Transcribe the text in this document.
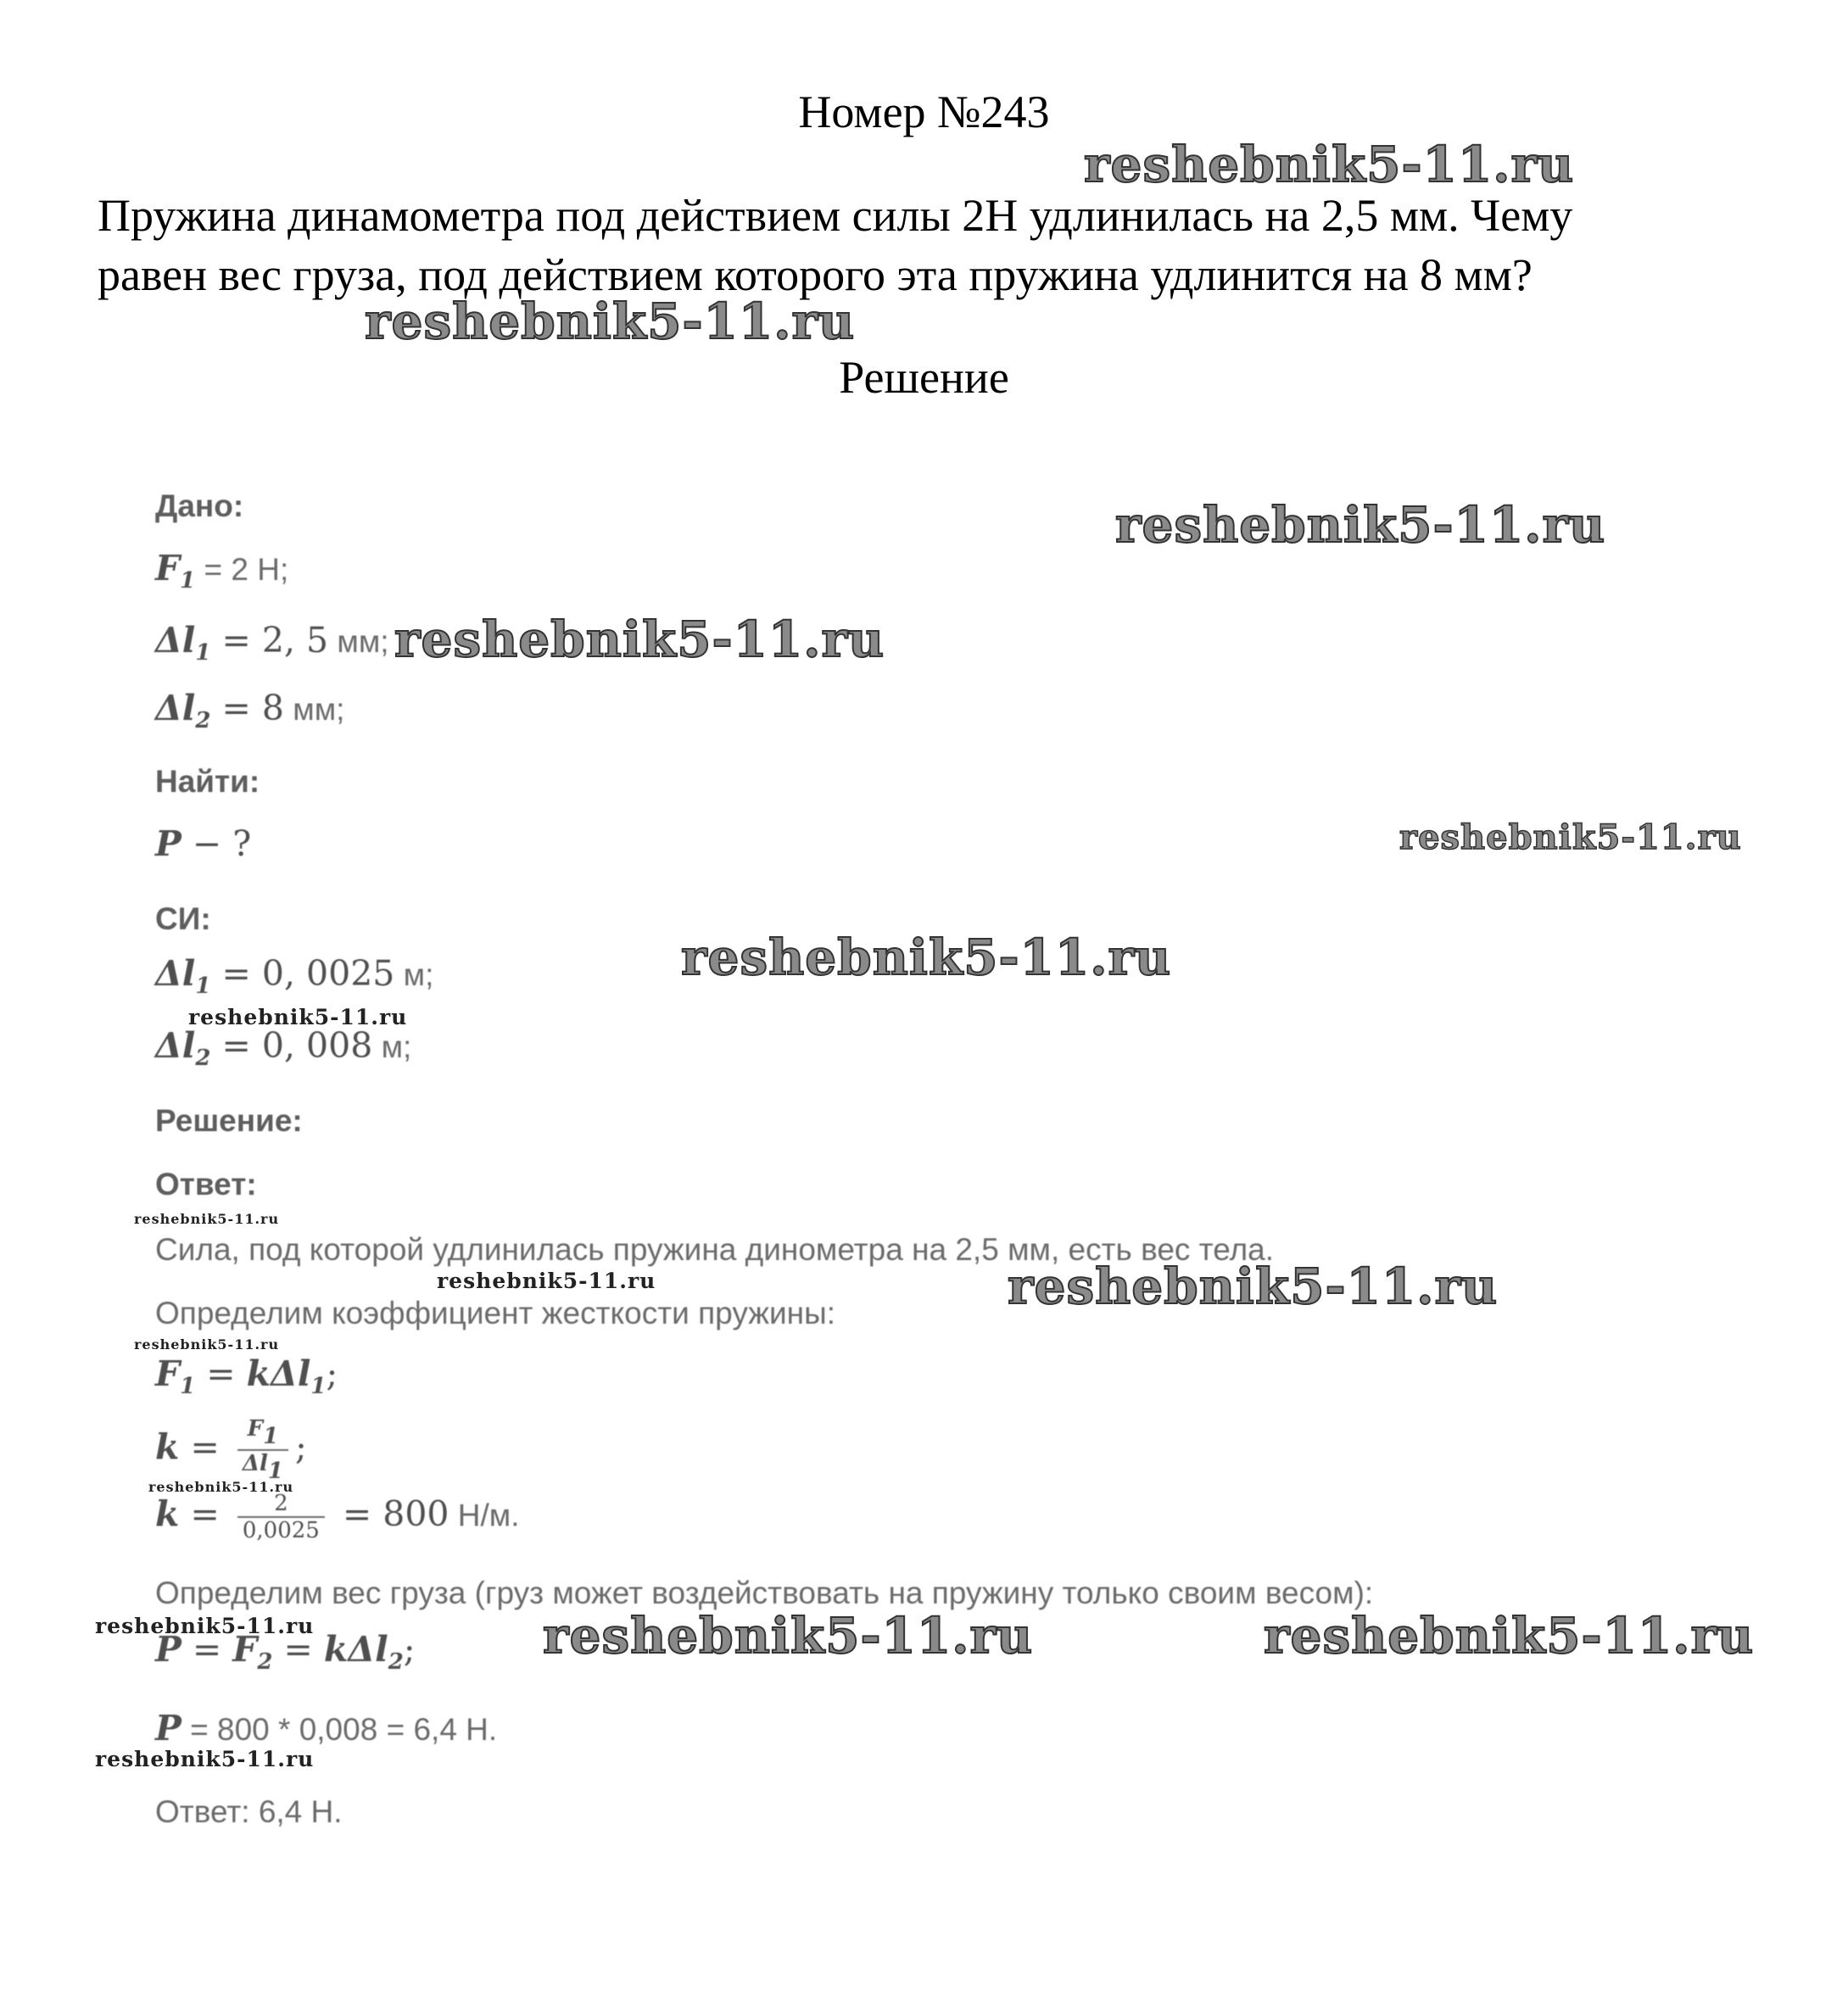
Номер №243
Пружина динамометра под действием силы 2Н удлинилась на 2,5 мм. Чему
равен вес груза, под действием которого эта пружина удлинится на 8 мм?
Решение
Дано:
$F_1 = 2$ Н;
$\Delta l_1 = 2$, 5 мм;
$\Delta l_2 = 8$ мм;
Найти:
P − ?
СИ:
$\Delta l_1 = 0$, 0025 м;
$\Delta l_2 = 0$, 008 м;
Решение:
Ответ:
Сила, под которой удлинилась пружина динометра на 2,5 мм, есть вес тела.
Определим коэффициент жесткости пружины:
$F_1 = k\Delta l_1$;
$k = \frac{F_1}{\Delta l_1}$ ;
$k = \frac{2}{0,0025} = 800$ Н/м.
Определим вес груза (груз может воздействовать на пружину только своим весом):
$P = F_2 = k\Delta l_2$;
P = 800 * 0,008 = 6,4 Н.
Ответ: 6,4 Н.
reshebnik5-11.ru
reshebnik5-11.ru
reshebnik5-11.ru
reshebnik5-11.ru
reshebnik5-11.ru
reshebnik5-11.ru
reshebnik5-11.ru
reshebnik5-11.ru
reshebnik5-11.ru	reshebnik5-11.ru
reshebnik5-11.ru
reshebnik5-11.ru
reshebnik5-11.ru	reshebnik5-11.ru	reshebnik5-11.ru
reshebnik5-11.ru
